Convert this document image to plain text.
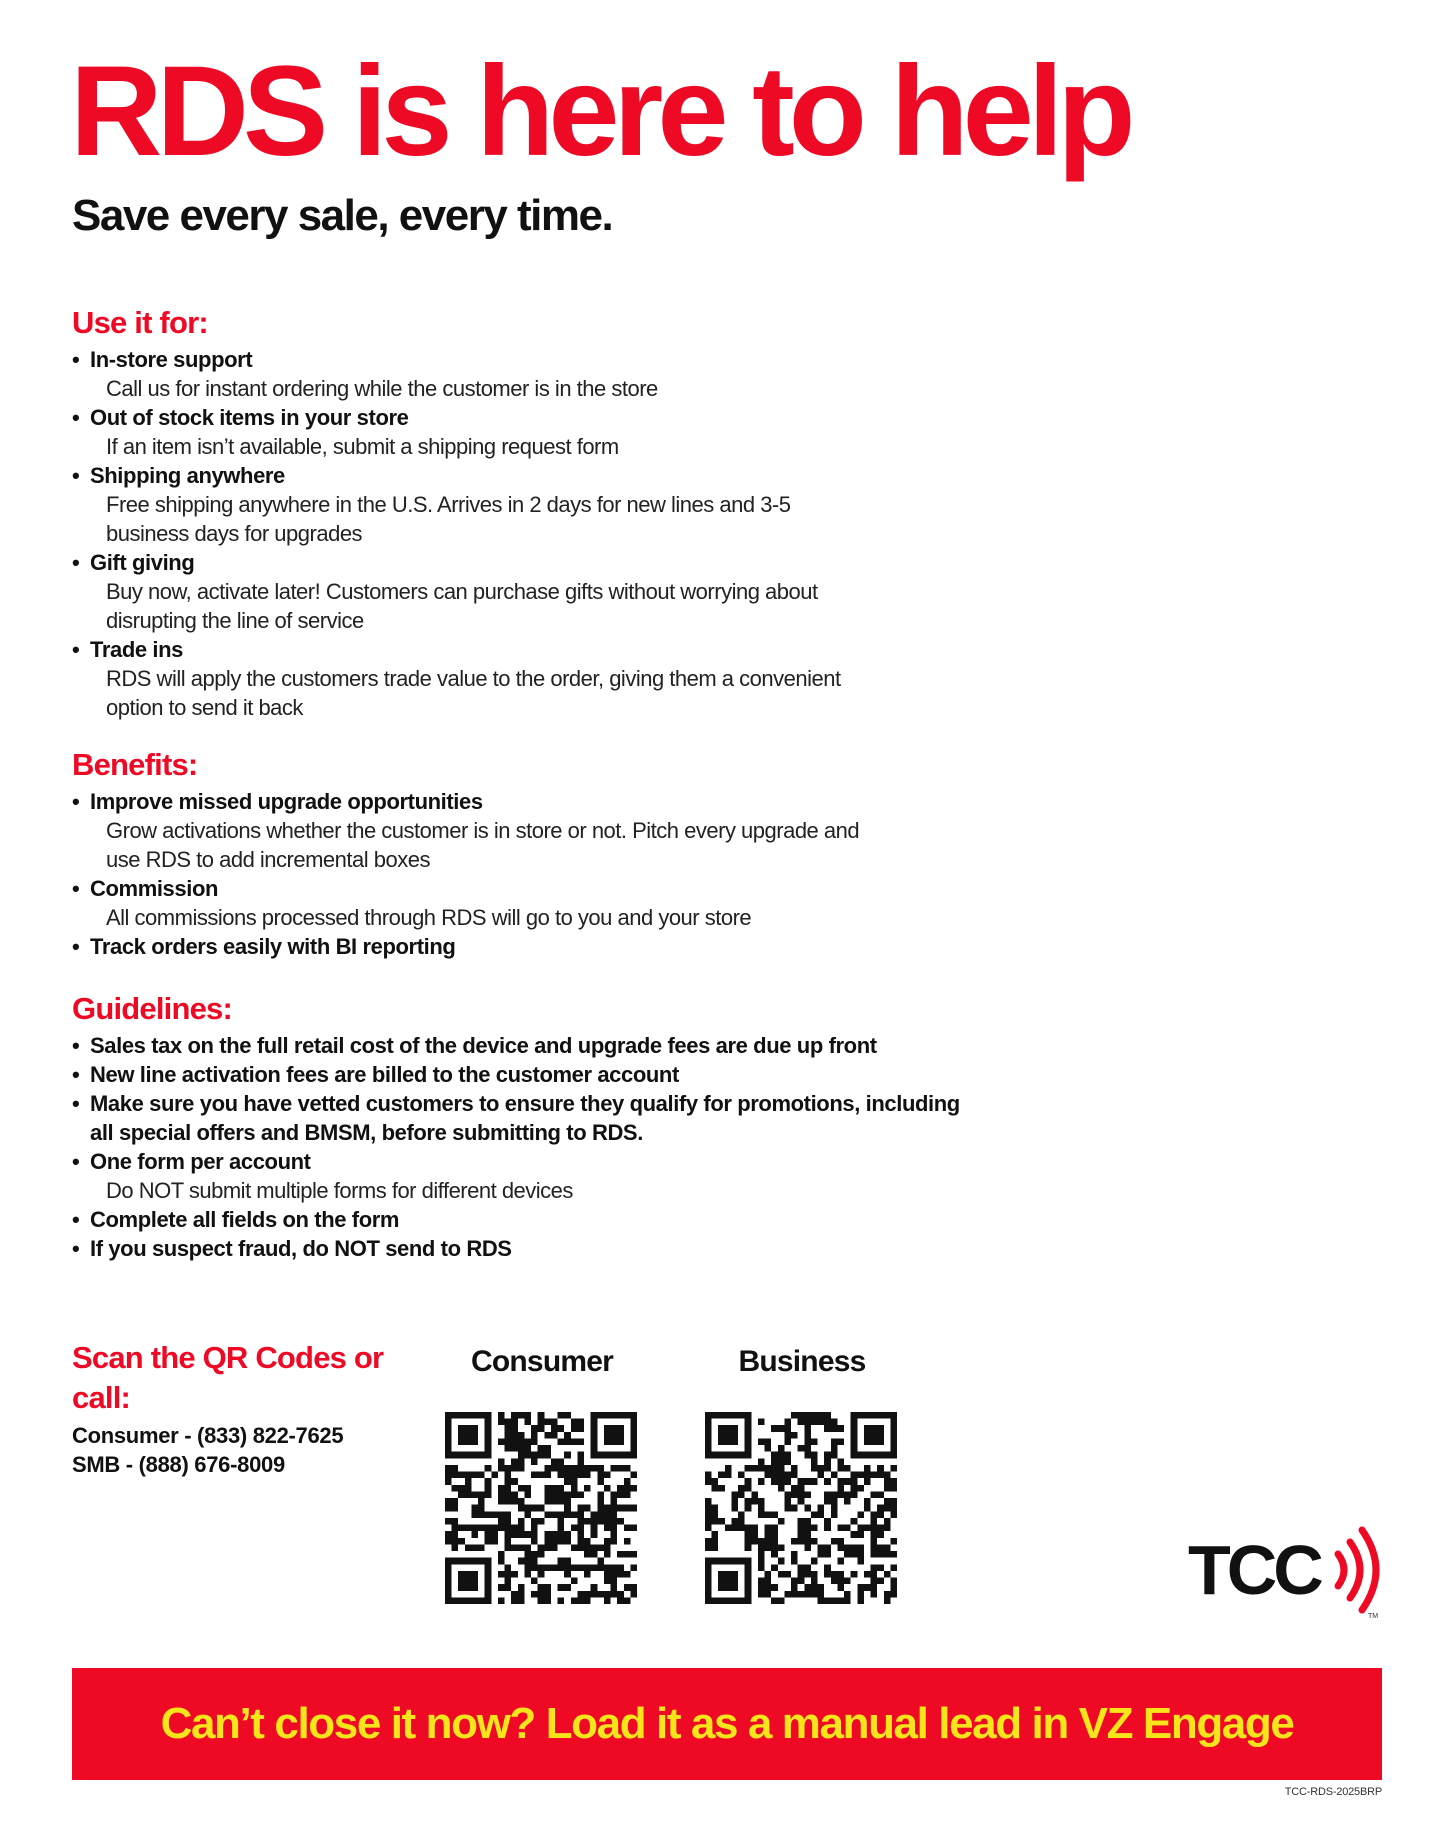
RDS is here to help
Save every sale, every time.
Use it for:
• In-store support
Call us for instant ordering while the customer is in the store
• Out of stock items in your store
If an item isn’t available, submit a shipping request form
• Shipping anywhere
Free shipping anywhere in the U.S. Arrives in 2 days for new lines and 3-5
business days for upgrades
• Gift giving
Buy now, activate later! Customers can purchase gifts without worrying about
disrupting the line of service
• Trade ins
RDS will apply the customers trade value to the order, giving them a convenient
option to send it back
Benefits:
• Improve missed upgrade opportunities
Grow activations whether the customer is in store or not. Pitch every upgrade and
use RDS to add incremental boxes
• Commission
All commissions processed through RDS will go to you and your store
• Track orders easily with BI reporting
Guidelines:
• Sales tax on the full retail cost of the device and upgrade fees are due up front
• New line activation fees are billed to the customer account
• Make sure you have vetted customers to ensure they qualify for promotions, including all special offers and BMSM, before submitting to RDS.
• One form per account
Do NOT submit multiple forms for different devices
• Complete all fields on the form
• If you suspect fraud, do NOT send to RDS
Scan the QR Codes or call:
Consumer - (833) 822-7625
SMB - (888) 676-8009
Consumer	Business
TCC
TM
Can’t close it now? Load it as a manual lead in VZ Engage
TCC-RDS-2025BRP
